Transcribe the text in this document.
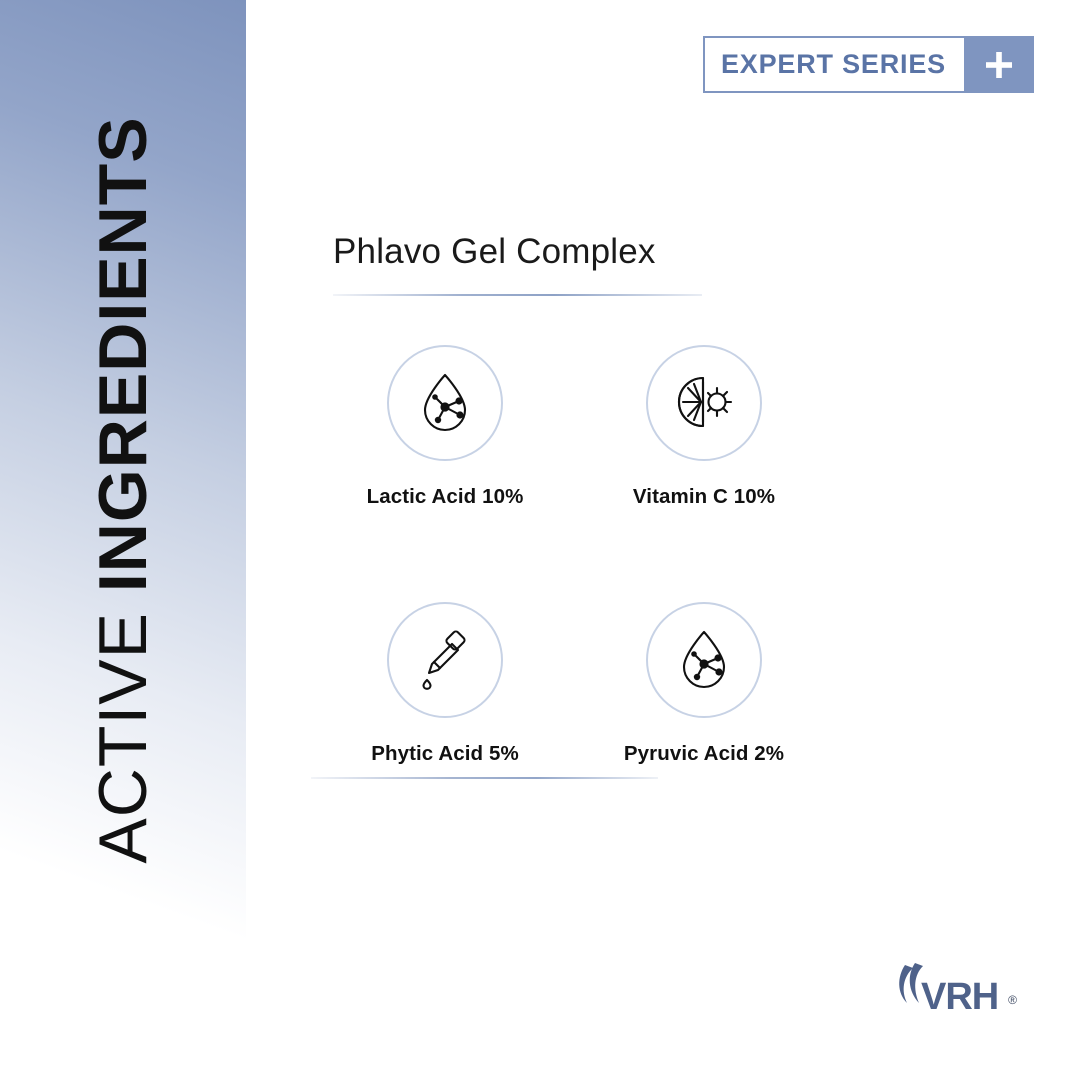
ACTIVE INGREDIENTS
EXPERT SERIES
Phlavo Gel Complex
Lactic Acid 10%	Vitamin C 10%
Phytic Acid 5%	Pyruvic Acid 2%
VRH ®
